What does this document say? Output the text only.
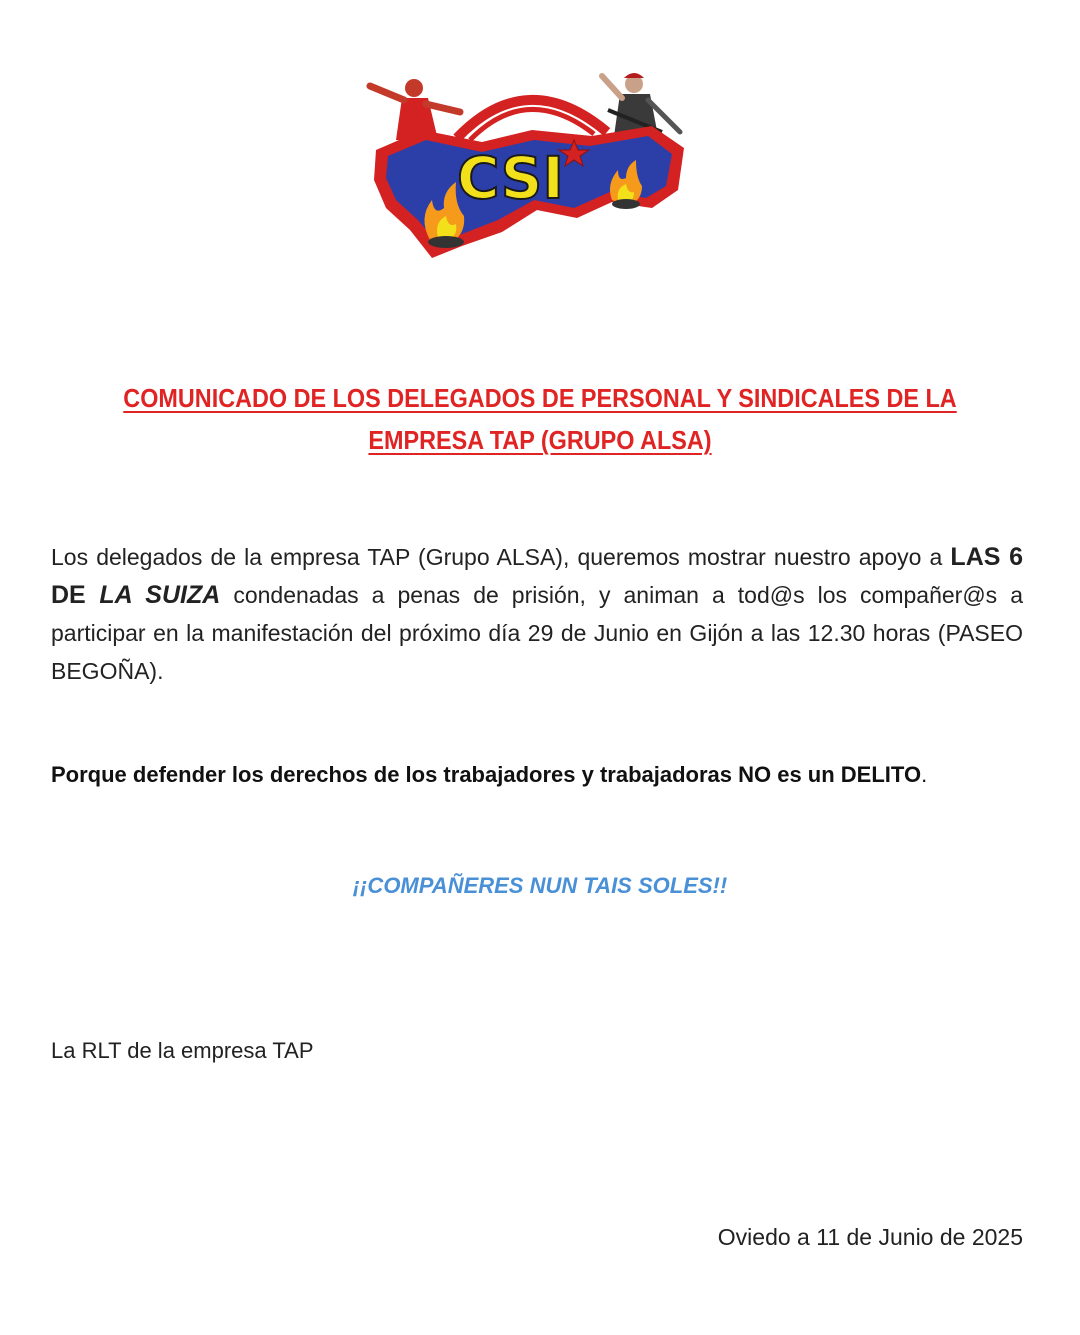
CSI
COMUNICADO DE LOS DELEGADOS DE PERSONAL Y SINDICALES DE LA
EMPRESA TAP (GRUPO ALSA)
Los delegados de la empresa TAP (Grupo ALSA), queremos mostrar nuestro apoyo a LAS 6 DE LA SUIZA condenadas a penas de prisión, y animan a tod@s los compañer@s a participar en la manifestación del próximo día 29 de Junio en Gijón a las 12.30 horas (PASEO BEGOÑA).
Porque defender los derechos de los trabajadores y trabajadoras NO es un DELITO.
¡¡COMPAÑERES NUN TAIS SOLES!!
La RLT de la empresa TAP
Oviedo a 11 de Junio de 2025
